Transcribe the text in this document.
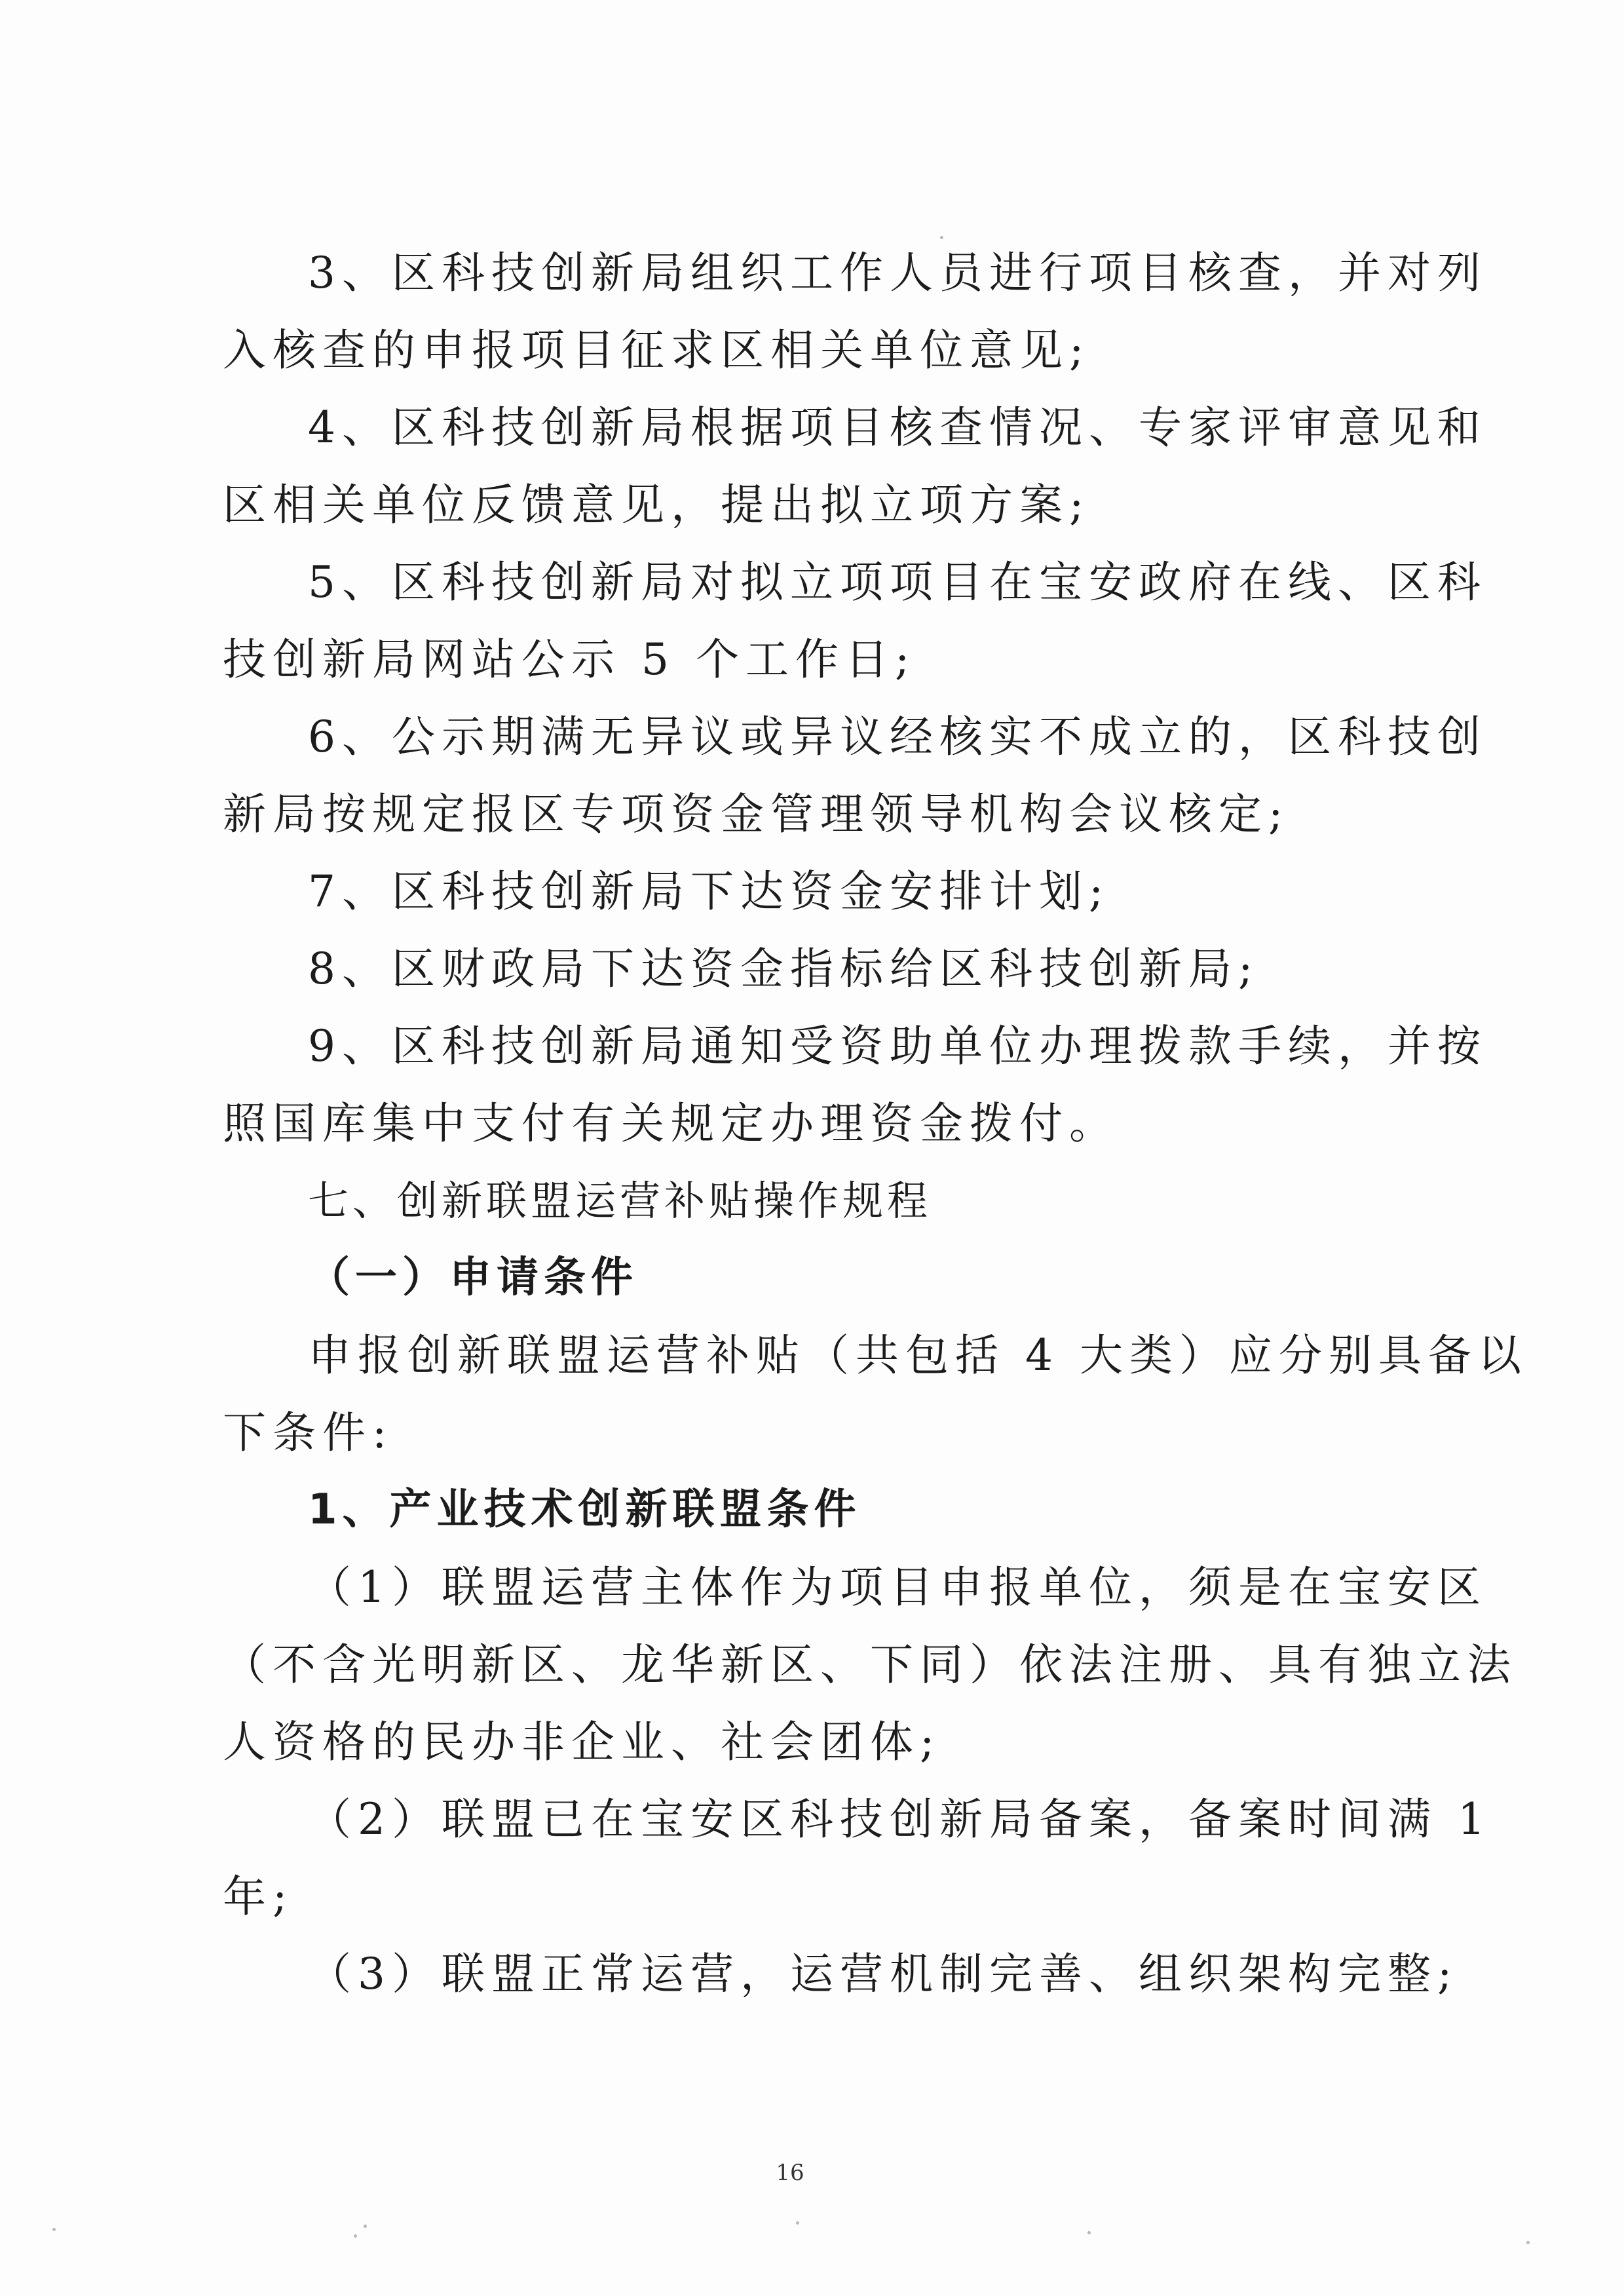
3、区科技创新局组织工作人员进行项目核查，并对列
入核查的申报项目征求区相关单位意见;
4、区科技创新局根据项目核查情况、专家评审意见和
区相关单位反馈意见，提出拟立项方案;
5、区科技创新局对拟立项项目在宝安政府在线、区科
技创新局网站公示 5 个工作日;
6、公示期满无异议或异议经核实不成立的，区科技创
新局按规定报区专项资金管理领导机构会议核定;
7、区科技创新局下达资金安排计划;
8、区财政局下达资金指标给区科技创新局;
9、区科技创新局通知受资助单位办理拨款手续，并按
照国库集中支付有关规定办理资金拨付。
七、创新联盟运营补贴操作规程
（一）申请条件
申报创新联盟运营补贴（共包括 4 大类）应分别具备以
下条件:
1、产业技术创新联盟条件
（1）联盟运营主体作为项目申报单位，须是在宝安区
（不含光明新区、龙华新区、下同）依法注册、具有独立法
人资格的民办非企业、社会团体;
（2）联盟已在宝安区科技创新局备案，备案时间满 1
年;
（3）联盟正常运营，运营机制完善、组织架构完整;
16
